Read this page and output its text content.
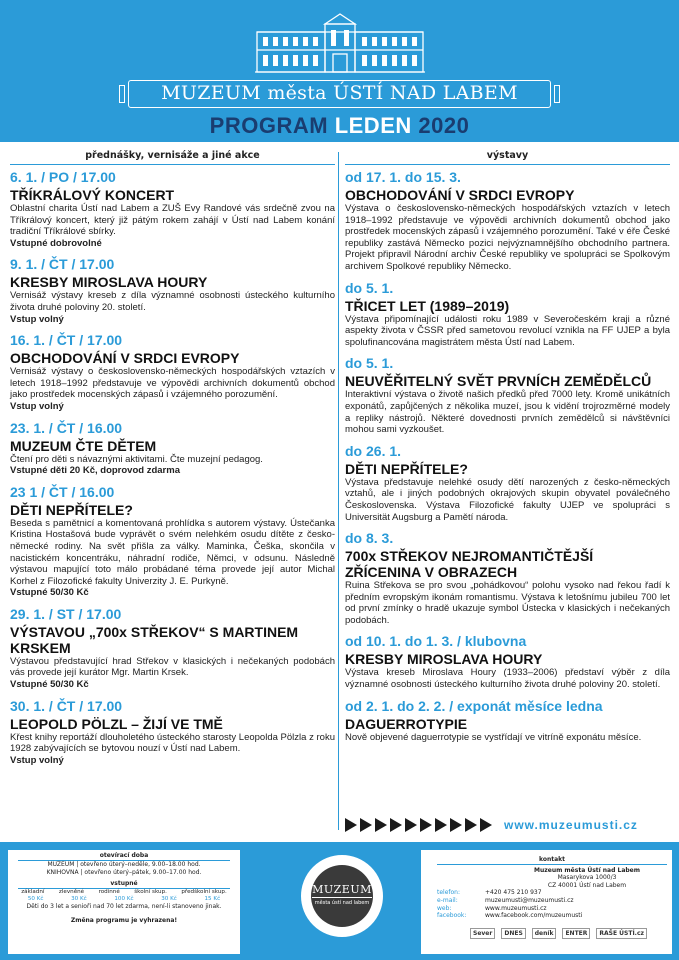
MUZEUM města ÚSTÍ NAD LABEM
PROGRAM LEDEN 2020
přednášky, vernisáže a jiné akce
6. 1. / PO / 17.00
TŘÍKRÁLOVÝ KONCERT
Oblastní charita Ústí nad Labem a ZUŠ Evy Randové vás srdečně zvou na Tříkrálový koncert, který již pátým rokem zahájí v Ústí nad Labem konání tradiční Tříkrálové sbírky.
Vstupné dobrovolné
9. 1. / ČT / 17.00
KRESBY MIROSLAVA HOURY
Vernisáž výstavy kreseb z díla významné osobnosti ústeckého kulturního života druhé poloviny 20. století.
Vstup volný
16. 1. / ČT / 17.00
OBCHODOVÁNÍ V SRDCI EVROPY
Vernisáž výstavy o československo-německých hospodářských vztazích v letech 1918–1992 představuje ve výpovědi archivních dokumentů obchod jako prostředek mocenských zápasů i vzájemného porozumění.
Vstup volný
23. 1. / ČT / 16.00
MUZEUM ČTE DĚTEM
Čtení pro děti s návaznými aktivitami. Čte muzejní pedagog.
Vstupné děti 20 Kč, doprovod zdarma
23 1 / ČT / 16.00
DĚTI NEPŘÍTELE?
Beseda s pamětnicí a komentovaná prohlídka s autorem výstavy. Ústečanka Kristina Hostašová bude vyprávět o svém nelehkém osudu dítěte z česko-německé rodiny. Na svět přišla za války. Maminka, Češka, skončila v nacistickém koncentráku, náhradní rodiče, Němci, v odsunu. Následně výstavou mapující toto málo probádané téma provede její autor Michal Korhel z Filozofické fakulty Univerzity J. E. Purkyně.
Vstupné 50/30 Kč
29. 1. / ST / 17.00
VÝSTAVOU „700x STŘEKOV“ S MARTINEM KRSKEM
Výstavou představující hrad Střekov v klasických i nečekaných podobách vás provede její kurátor Mgr. Martin Krsek.
Vstupné 50/30 Kč
30. 1. / ČT / 17.00
LEOPOLD PÖLZL – ŽIJÍ VE TMĚ
Křest knihy reportáží dlouholetého ústeckého starosty Leopolda Pölzla z roku 1928 zabývajících se bytovou nouzí v Ústí nad Labem.
Vstup volný
výstavy
od 17. 1. do 15. 3.
OBCHODOVÁNÍ V SRDCI EVROPY
Výstava o československo-německých hospodářských vztazích v letech 1918–1992 představuje ve výpovědi archivních dokumentů obchod jako prostředek mocenských zápasů i vzájemného porozumění. Také v éře České republiky zastává Německo pozici nejvýznamnějšího obchodního partnera. Projekt připravil Národní archiv České republiky ve spolupráci se Spolkovým archivem Spolkové republiky Německo.
do 5. 1.
TŘICET LET (1989–2019)
Výstava připomínající události roku 1989 v Severočeském kraji a různé aspekty života v ČSSR před sametovou revolucí vznikla na FF UJEP a byla spolufinancována magistrátem města Ústí nad Labem.
do 5. 1.
NEUVĚŘITELNÝ SVĚT PRVNÍCH ZEMĚDĚLCŮ
Interaktivní výstava o životě našich předků před 7000 lety. Kromě unikátních exponátů, zapůjčených z několika muzeí, jsou k vidění trojrozměrné modely a repliky nástrojů. Některé dovednosti prvních zemědělců si návštěvníci mohou sami vyzkoušet.
do 26. 1.
DĚTI NEPŘÍTELE?
Výstava představuje nelehké osudy dětí narozených z česko-německých vztahů, ale i jiných podobných okrajových skupin obyvatel poválečného Československa. Výstava Filozofické fakulty UJEP ve spolupráci s Universität Augsburg a Pamětí národa.
do 8. 3.
700x STŘEKOV NEJROMANTIČTĚJŠÍ ZŘÍCENINA V OBRAZECH
Ruina Střekova se pro svou „pohádkovou“ polohu vysoko nad řekou řadí k předním evropským ikonám romantismu. Výstava k letošnímu jubileu 700 let od první zmínky o hradě ukazuje symbol Ústecka v klasických i nečekaných podobách.
od 10. 1. do 1. 3. / klubovna
KRESBY MIROSLAVA HOURY
Výstava kreseb Miroslava Houry (1933–2006) představí výběr z díla významné osobnosti ústeckého kulturního života druhé poloviny 20. století.
od 2. 1. do 2. 2. / exponát měsíce ledna
DAGUERROTYPIE
Nově objevené daguerrotypie se vystřídají ve vitríně exponátu měsíce.
www.muzeumusti.cz
otevírací doba
MUZEUM | otevřeno úterý–neděle, 9.00–18.00 hod.
KNIHOVNA | otevřeno úterý–pátek, 9.00–17.00 hod.
vstupné
základní	zlevněné	rodinné	školní skup.	předškolní skup.
50 Kč	30 Kč	100 Kč	30 Kč	15 Kč
Děti do 3 let a senioři nad 70 let zdarma, není-li stanoveno jinak.
Změna programu je vyhrazena!
MUZEUM
města ústí nad labem
kontakt
Muzeum města Ústí nad Labem
Masarykova 1000/3
CZ 40001 Ústí nad Labem
telefon:	+420 475 210 937
e-mail:	muzeumusti@muzeumusti.cz
web:	www.muzeumusti.cz
facebook:	www.facebook.com/muzeumusti
Sever	DNES	deník	ENTER	RAŠE ÚSTÍ.cz
